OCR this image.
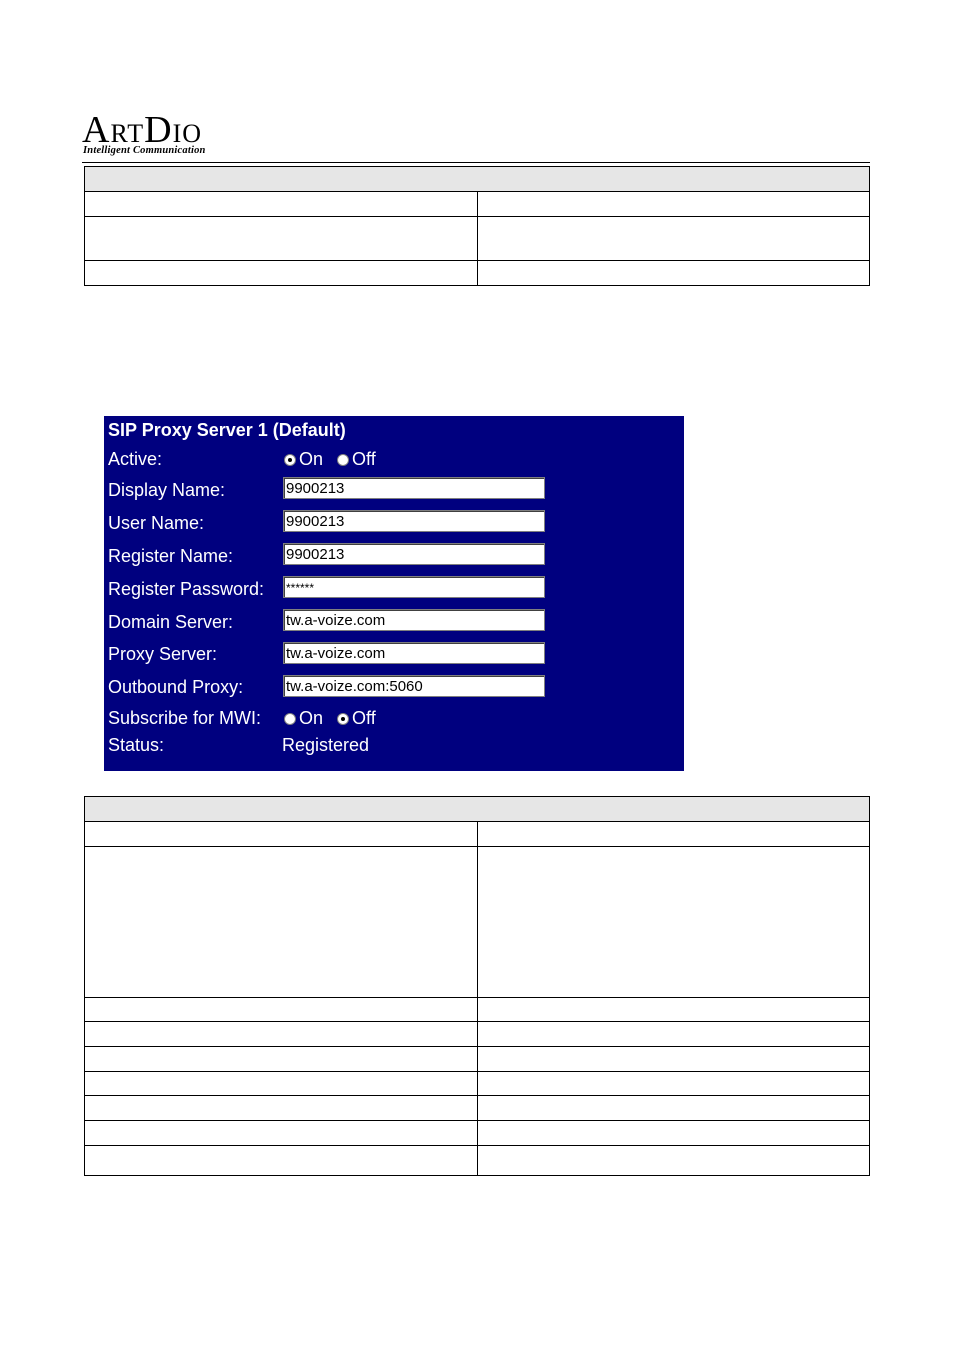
ARTDIO
Intelligent Communication

SIP Proxy Server 1 (Default)
Active:	On Off
Display Name:	9900213
User Name:	9900213
Register Name:	9900213
Register Password: ******
Domain Server:	tw.a-voize.com
Proxy Server:	tw.a-voize.com
Outbound Proxy:	tw.a-voize.com:5060
Subscribe for MWI:	On Off
Status:	Registered
